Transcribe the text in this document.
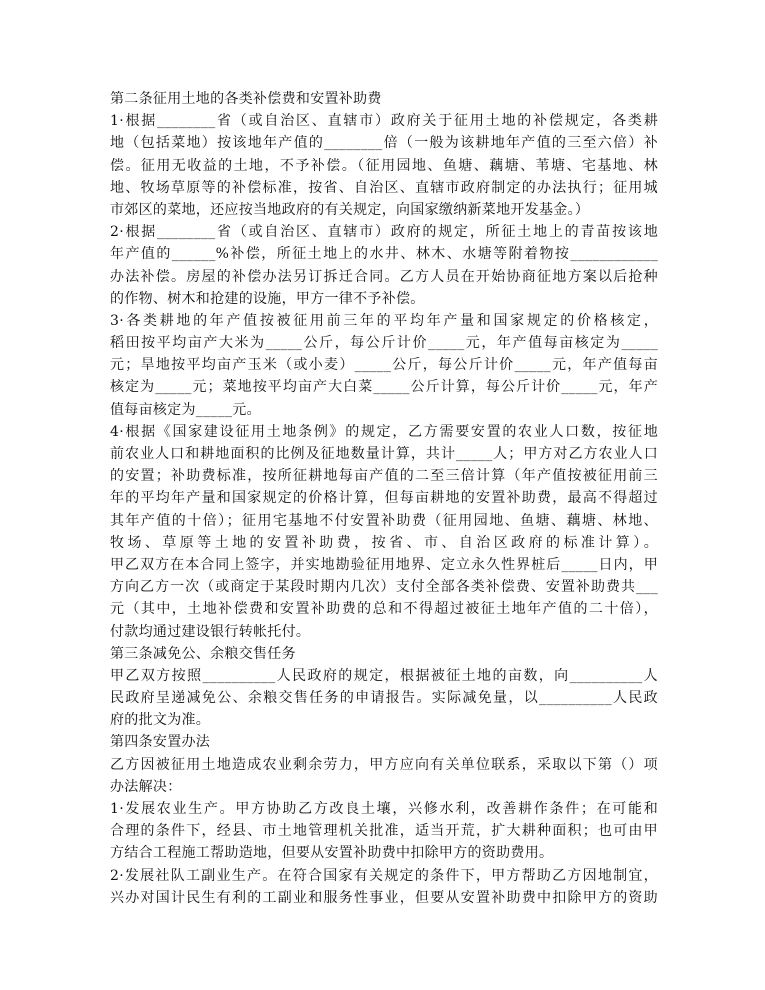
第二条征用土地的各类补偿费和安置补助费
1·根据________省（或自治区、直辖市）政府关于征用土地的补偿规定，各类耕
地（包括菜地）按该地年产值的________倍（一般为该耕地年产值的三至六倍）补
偿。征用无收益的土地，不予补偿。（征用园地、鱼塘、藕塘、苇塘、宅基地、林
地、牧场草原等的补偿标准，按省、自治区、直辖市政府制定的办法执行；征用城
市郊区的菜地，还应按当地政府的有关规定，向国家缴纳新菜地开发基金。）
2·根据________省（或自治区、直辖市）政府的规定，所征土地上的青苗按该地
年产值的______%补偿，所征土地上的水井、林木、水塘等附着物按____________
办法补偿。房屋的补偿办法另订拆迁合同。乙方人员在开始协商征地方案以后抢种
的作物、树木和抢建的设施，甲方一律不予补偿。
3·各类耕地的年产值按被征用前三年的平均年产量和国家规定的价格核定，
稻田按平均亩产大米为_____公斤，每公斤计价_____元，年产值每亩核定为_____
元；旱地按平均亩产玉米（或小麦）_____公斤，每公斤计价_____元，年产值每亩
核定为_____元；菜地按平均亩产大白菜_____公斤计算，每公斤计价_____元，年产
值每亩核定为_____元。
4·根据《国家建设征用土地条例》的规定，乙方需要安置的农业人口数，按征地
前农业人口和耕地面积的比例及征地数量计算，共计_____人；甲方对乙方农业人口
的安置；补助费标准，按所征耕地每亩产值的二至三倍计算（年产值按被征用前三
年的平均年产量和国家规定的价格计算，但每亩耕地的安置补助费，最高不得超过
其年产值的十倍）；征用宅基地不付安置补助费（征用园地、鱼塘、藕塘、林地、
牧场、草原等土地的安置补助费，按省、市、自治区政府的标准计算）。
甲乙双方在本合同上签字，并实地勘验征用地界、定立永久性界桩后_____日内，甲
方向乙方一次（或商定于某段时期内几次）支付全部各类补偿费、安置补助费共___
元（其中，土地补偿费和安置补助费的总和不得超过被征土地年产值的二十倍），
付款均通过建设银行转帐托付。
第三条减免公、余粮交售任务
甲乙双方按照__________人民政府的规定，根据被征土地的亩数，向__________人
民政府呈递减免公、余粮交售任务的申请报告。实际减免量，以__________人民政
府的批文为准。
第四条安置办法
乙方因被征用土地造成农业剩余劳力，甲方应向有关单位联系，采取以下第（）项
办法解决：
1·发展农业生产。甲方协助乙方改良土壤，兴修水利，改善耕作条件；在可能和
合理的条件下，经县、市土地管理机关批准，适当开荒，扩大耕种面积；也可由甲
方结合工程施工帮助造地，但要从安置补助费中扣除甲方的资助费用。
2·发展社队工副业生产。在符合国家有关规定的条件下，甲方帮助乙方因地制宜，
兴办对国计民生有利的工副业和服务性事业，但要从安置补助费中扣除甲方的资助
